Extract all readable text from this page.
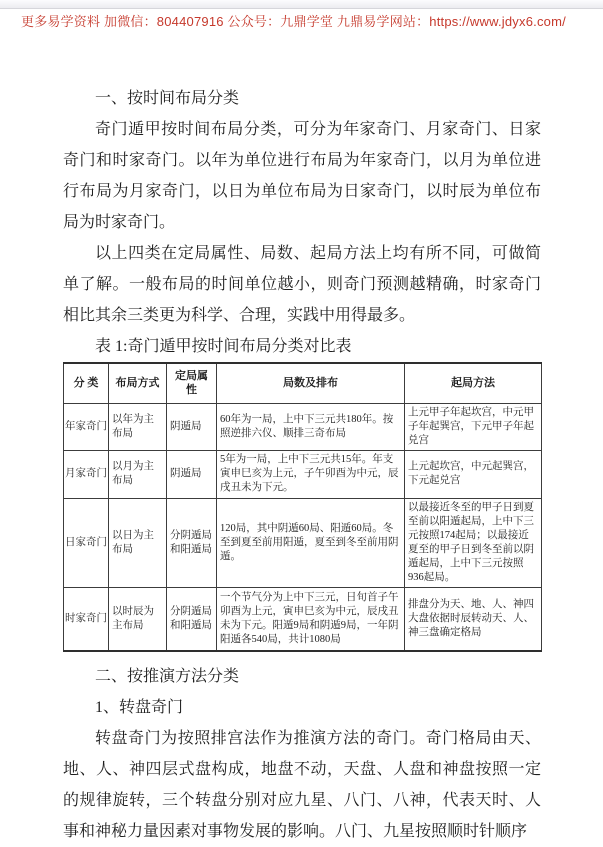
更多易学资料 加微信：804407916 公众号：九鼎学堂 九鼎易学网站：https://www.jdyx6.com/

一、按时间布局分类

奇门遁甲按时间布局分类，可分为年家奇门、月家奇门、日家奇门和时家奇门。以年为单位进行布局为年家奇门，以月为单位进行布局为月家奇门，以日为单位布局为日家奇门，以时辰为单位布局为时家奇门。

以上四类在定局属性、局数、起局方法上均有所不同，可做简单了解。一般布局的时间单位越小，则奇门预测越精确，时家奇门相比其余三类更为科学、合理，实践中用得最多。

表 1:奇门遁甲按时间布局分类对比表

分 类	布局方式	定局属性	局数及排布	起局方法
年家奇门	以年为主布局	阴遁局	60年为一局，上中下三元共180年。按照逆排六仪、顺排三奇布局	上元甲子年起坎宫，中元甲子年起巽宫，下元甲子年起兑宫
月家奇门	以月为主布局	阴遁局	5年为一局，上中下三元共15年。年支寅申巳亥为上元，子午卯酉为中元，辰戌丑未为下元。	上元起坎宫，中元起巽宫，下元起兑宫
日家奇门	以日为主布局	分阴遁局和阳遁局	120局，其中阴遁60局、阳遁60局。冬至到夏至前用阳遁，夏至到冬至前用阴遁。	以最接近冬至的甲子日到夏至前以阳遁起局，上中下三元按照174起局；以最接近夏至的甲子日到冬至前以阴遁起局，上中下三元按照936起局。
时家奇门	以时辰为主布局	分阴遁局和阳遁局	一个节气分为上中下三元，日旬首子午卯酉为上元，寅申巳亥为中元，辰戌丑未为下元。阳遁9局和阴遁9局，一年阴阳遁各540局，共计1080局	排盘分为天、地、人、神四大盘依据时辰转动天、人、神三盘确定格局

二、按推演方法分类

1、转盘奇门

转盘奇门为按照排宫法作为推演方法的奇门。奇门格局由天、地、人、神四层式盘构成，地盘不动，天盘、人盘和神盘按照一定的规律旋转，三个转盘分别对应九星、八门、八神，代表天时、人事和神秘力量因素对事物发展的影响。八门、九星按照顺时针顺序
